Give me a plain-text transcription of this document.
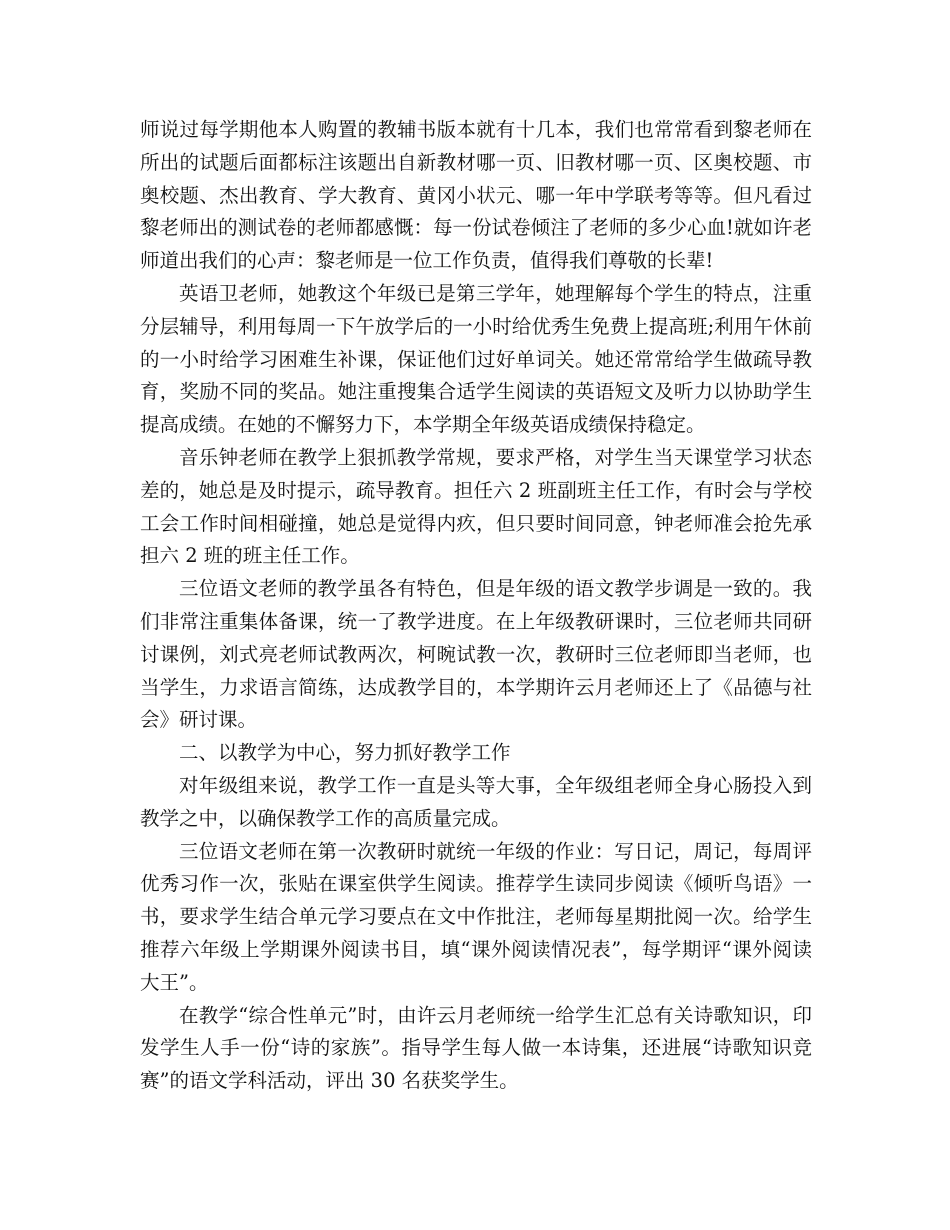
师说过每学期他本人购置的教辅书版本就有十几本，我们也常常看到黎老师在所出的试题后面都标注该题出自新教材哪一页、旧教材哪一页、区奥校题、市奥校题、杰出教育、学大教育、黄冈小状元、哪一年中学联考等等。但凡看过黎老师出的测试卷的老师都感慨：每一份试卷倾注了老师的多少心血!就如许老师道出我们的心声：黎老师是一位工作负责，值得我们尊敬的长辈!

英语卫老师，她教这个年级已是第三学年，她理解每个学生的特点，注重分层辅导，利用每周一下午放学后的一小时给优秀生免费上提高班;利用午休前的一小时给学习困难生补课，保证他们过好单词关。她还常常给学生做疏导教育，奖励不同的奖品。她注重搜集合适学生阅读的英语短文及听力以协助学生提高成绩。在她的不懈努力下，本学期全年级英语成绩保持稳定。

音乐钟老师在教学上狠抓教学常规，要求严格，对学生当天课堂学习状态差的，她总是及时提示，疏导教育。担任六 2 班副班主任工作，有时会与学校工会工作时间相碰撞，她总是觉得内疚，但只要时间同意，钟老师准会抢先承担六 2 班的班主任工作。

三位语文老师的教学虽各有特色，但是年级的语文教学步调是一致的。我们非常注重集体备课，统一了教学进度。在上年级教研课时，三位老师共同研讨课例，刘式亮老师试教两次，柯晼试教一次，教研时三位老师即当老师，也当学生，力求语言简练，达成教学目的，本学期许云月老师还上了《品德与社会》研讨课。

二、以教学为中心，努力抓好教学工作

对年级组来说，教学工作一直是头等大事，全年级组老师全身心肠投入到教学之中，以确保教学工作的高质量完成。

三位语文老师在第一次教研时就统一年级的作业：写日记，周记，每周评优秀习作一次，张贴在课室供学生阅读。推荐学生读同步阅读《倾听鸟语》一书，要求学生结合单元学习要点在文中作批注，老师每星期批阅一次。给学生推荐六年级上学期课外阅读书目，填“课外阅读情况表”，每学期评“课外阅读大王”。

在教学“综合性单元”时，由许云月老师统一给学生汇总有关诗歌知识，印发学生人手一份“诗的家族”。指导学生每人做一本诗集，还进展“诗歌知识竞赛”的语文学科活动，评出 30 名获奖学生。
